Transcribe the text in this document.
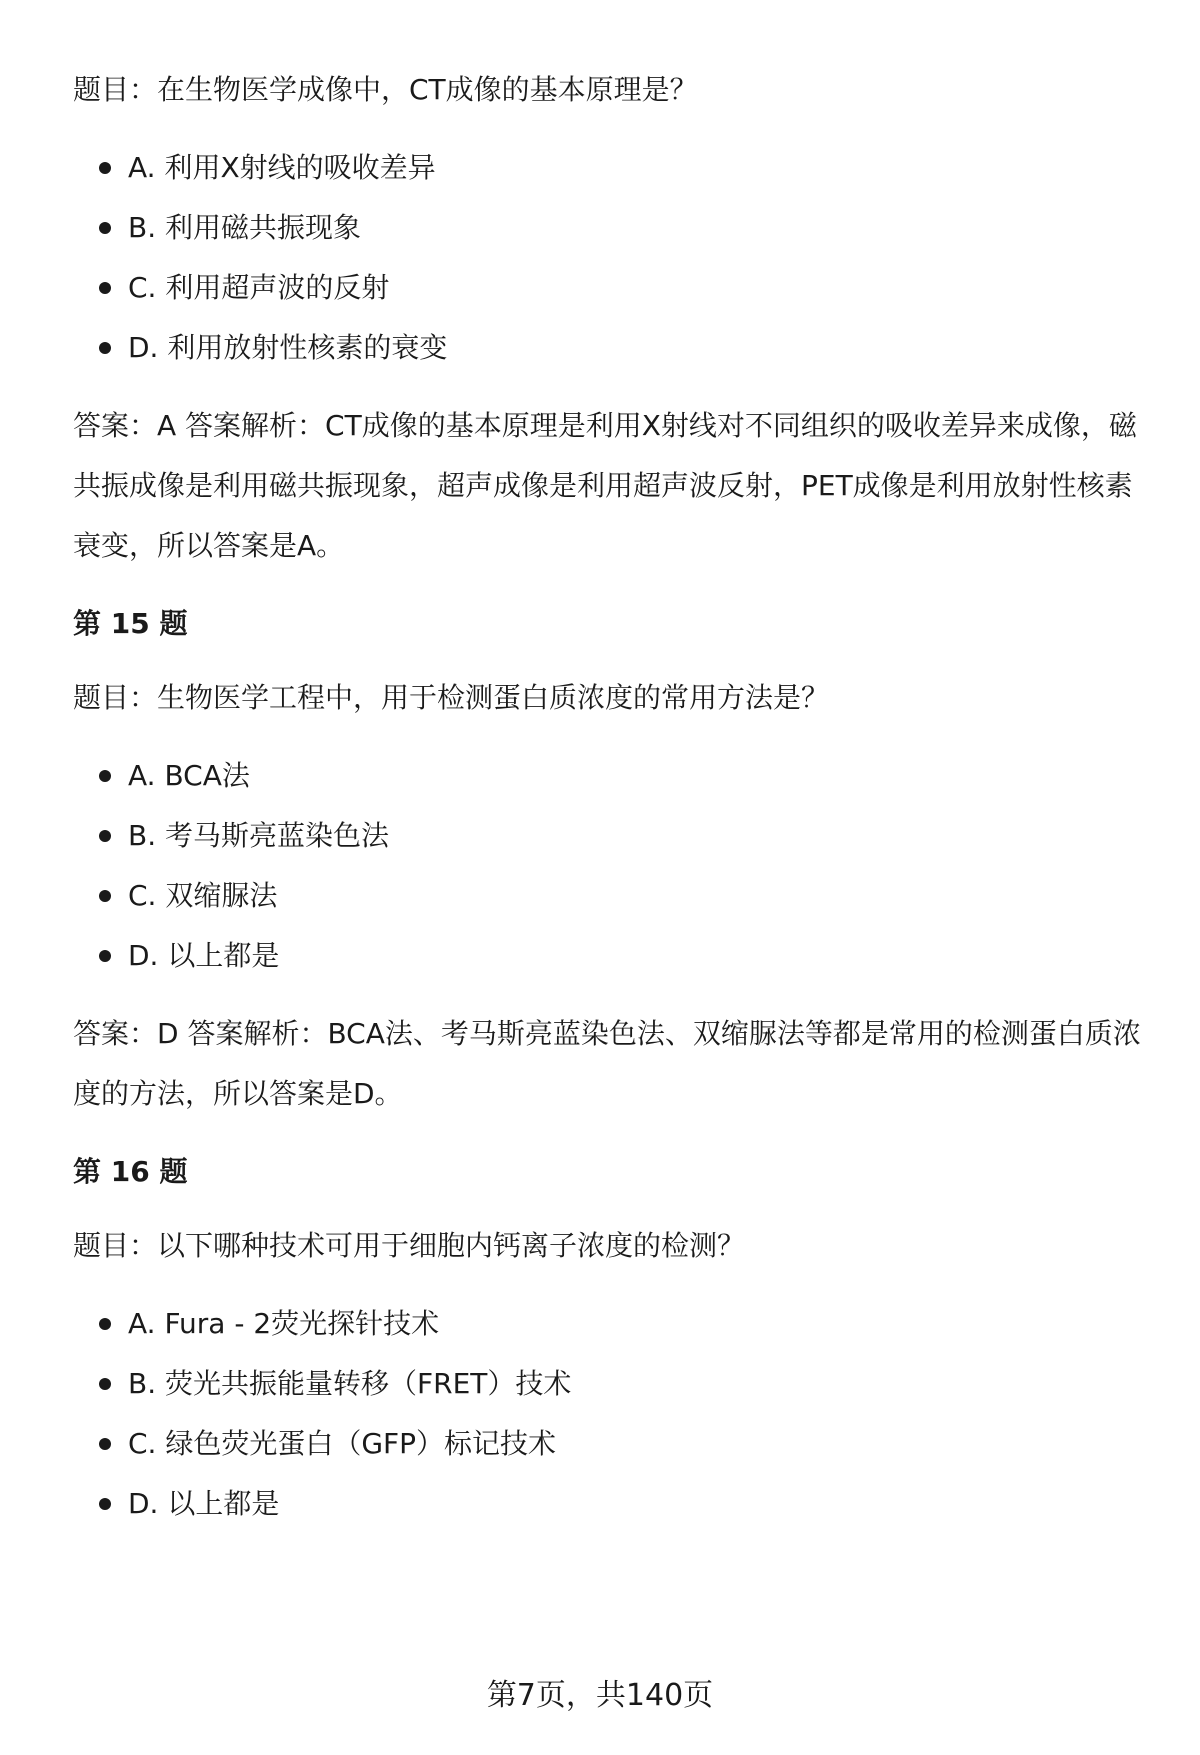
题目：在生物医学成像中，CT成像的基本原理是？

A. 利用X射线的吸收差异
B. 利用磁共振现象
C. 利用超声波的反射
D. 利用放射性核素的衰变

答案：A 答案解析：CT成像的基本原理是利用X射线对不同组织的吸收差异来成像，磁共振成像是利用磁共振现象，超声成像是利用超声波反射，PET成像是利用放射性核素衰变，所以答案是A。

第 15 题

题目：生物医学工程中，用于检测蛋白质浓度的常用方法是？

A. BCA法
B. 考马斯亮蓝染色法
C. 双缩脲法
D. 以上都是

答案：D 答案解析：BCA法、考马斯亮蓝染色法、双缩脲法等都是常用的检测蛋白质浓度的方法，所以答案是D。

第 16 题

题目：以下哪种技术可用于细胞内钙离子浓度的检测？

A. Fura - 2荧光探针技术
B. 荧光共振能量转移（FRET）技术
C. 绿色荧光蛋白（GFP）标记技术
D. 以上都是
第7页，共140页
